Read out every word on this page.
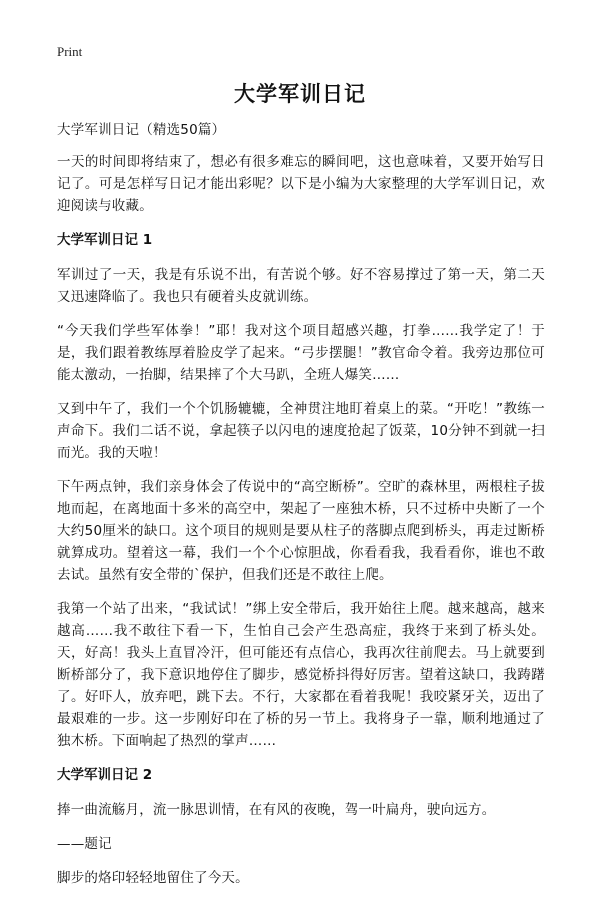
Print
大学军训日记

大学军训日记（精选50篇）

一天的时间即将结束了，想必有很多难忘的瞬间吧，这也意味着，又要开始写日记了。可是怎样写日记才能出彩呢？以下是小编为大家整理的大学军训日记，欢迎阅读与收藏。

大学军训日记 1

军训过了一天，我是有乐说不出，有苦说个够。好不容易撑过了第一天，第二天又迅速降临了。我也只有硬着头皮就训练。

“今天我们学些军体拳！”耶！我对这个项目超感兴趣，打拳……我学定了！于是，我们跟着教练厚着脸皮学了起来。“弓步摆腿！”教官命令着。我旁边那位可能太激动，一抬脚，结果摔了个大马趴，全班人爆笑……

又到中午了，我们一个个饥肠辘辘，全神贯注地盯着桌上的菜。“开吃！”教练一声命下。我们二话不说，拿起筷子以闪电的速度抢起了饭菜，10分钟不到就一扫而光。我的天啦！

下午两点钟，我们亲身体会了传说中的“高空断桥”。空旷的森林里，两根柱子拔地而起，在离地面十多米的高空中，架起了一座独木桥，只不过桥中央断了一个大约50厘米的缺口。这个项目的规则是要从柱子的落脚点爬到桥头，再走过断桥就算成功。望着这一幕，我们一个个心惊胆战，你看看我，我看看你，谁也不敢去试。虽然有安全带的`保护，但我们还是不敢往上爬。

我第一个站了出来，“我试试！”绑上安全带后，我开始往上爬。越来越高，越来越高……我不敢往下看一下，生怕自己会产生恐高症，我终于来到了桥头处。天，好高！我头上直冒冷汗，但可能还有点信心，我再次往前爬去。马上就要到断桥部分了，我下意识地停住了脚步，感觉桥抖得好厉害。望着这缺口，我踌躇了。好吓人，放弃吧，跳下去。不行，大家都在看着我呢！我咬紧牙关，迈出了最艰难的一步。这一步刚好印在了桥的另一节上。我将身子一靠，顺利地通过了独木桥。下面响起了热烈的掌声……

大学军训日记 2

捧一曲流觞月，流一脉思训情，在有风的夜晚，驾一叶扁舟，驶向远方。

——题记

脚步的烙印轻轻地留住了今天。
